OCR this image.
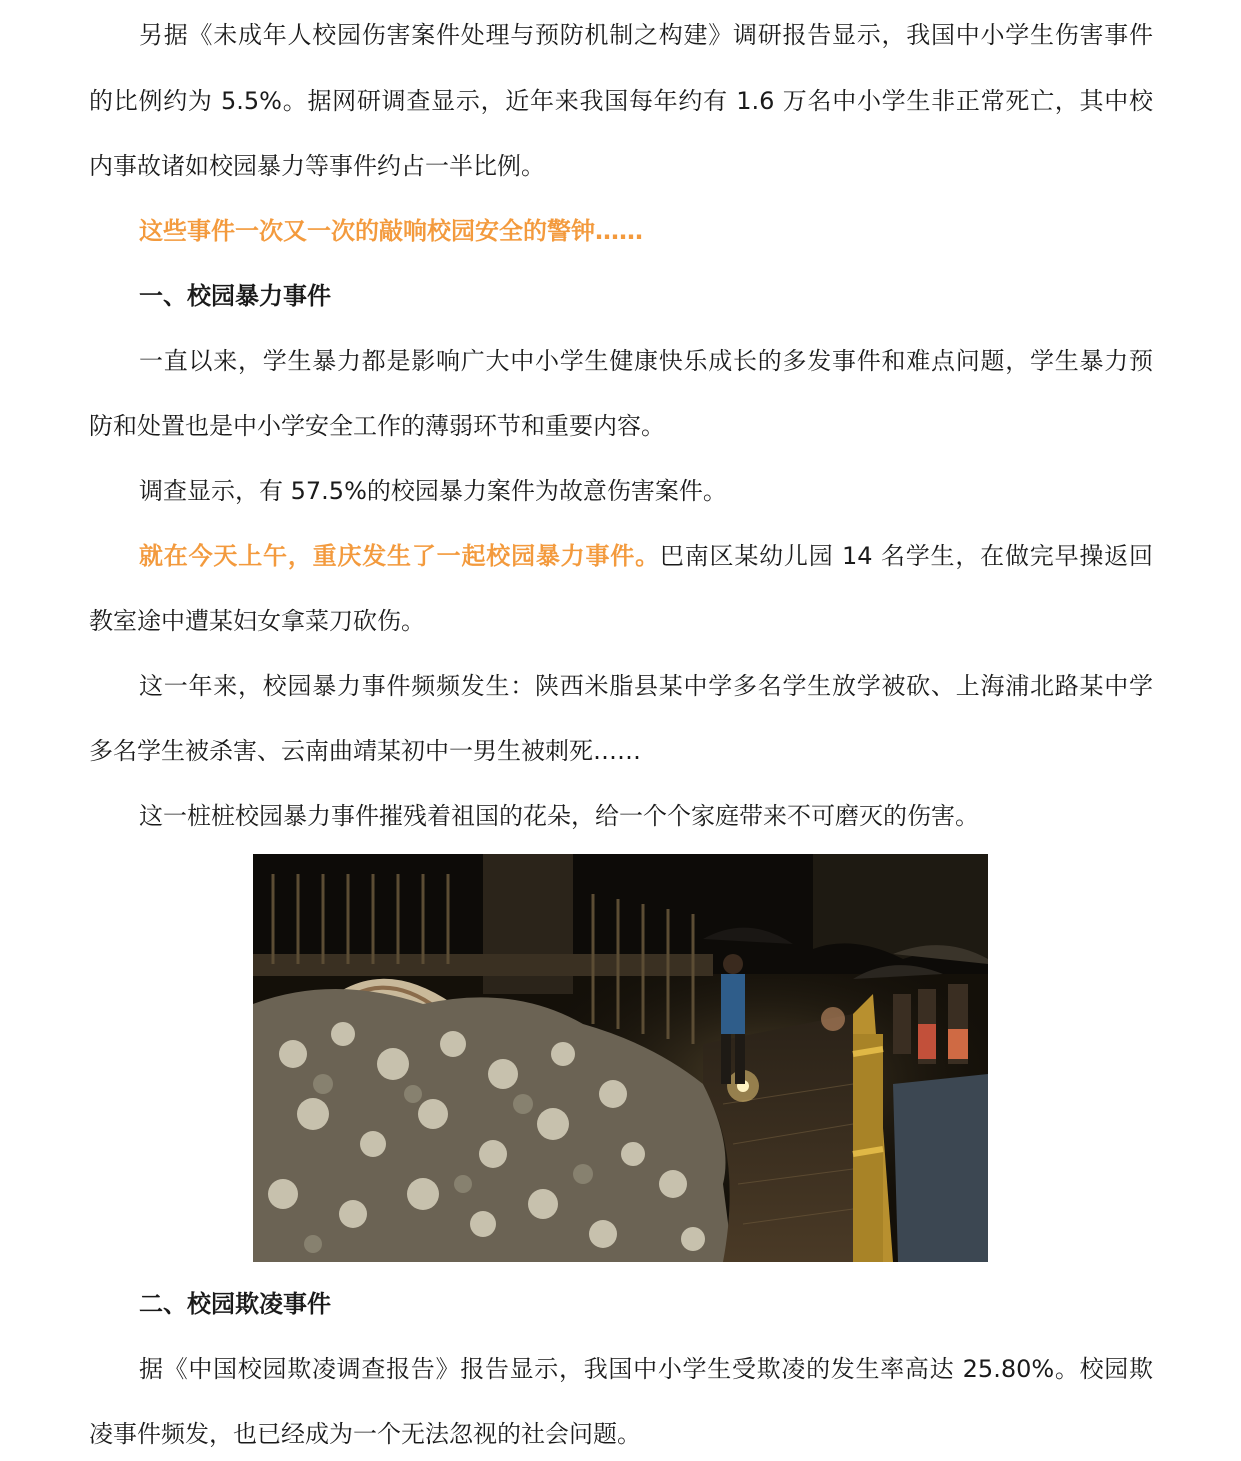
另据《未成年人校园伤害案件处理与预防机制之构建》调研报告显示，我国中小学生伤害事件
的比例约为 5.5%。据网研调查显示，近年来我国每年约有 1.6 万名中小学生非正常死亡，其中校
内事故诸如校园暴力等事件约占一半比例。
这些事件一次又一次的敲响校园安全的警钟……
一、校园暴力事件
一直以来，学生暴力都是影响广大中小学生健康快乐成长的多发事件和难点问题，学生暴力预
防和处置也是中小学安全工作的薄弱环节和重要内容。
调查显示，有 57.5%的校园暴力案件为故意伤害案件。
就在今天上午，重庆发生了一起校园暴力事件。巴南区某幼儿园 14 名学生，在做完早操返回
教室途中遭某妇女拿菜刀砍伤。
这一年来，校园暴力事件频频发生：陕西米脂县某中学多名学生放学被砍、上海浦北路某中学
多名学生被杀害、云南曲靖某初中一男生被刺死……
这一桩桩校园暴力事件摧残着祖国的花朵，给一个个家庭带来不可磨灭的伤害。
二、校园欺凌事件
据《中国校园欺凌调查报告》报告显示，我国中小学生受欺凌的发生率高达 25.80%。校园欺
凌事件频发，也已经成为一个无法忽视的社会问题。
